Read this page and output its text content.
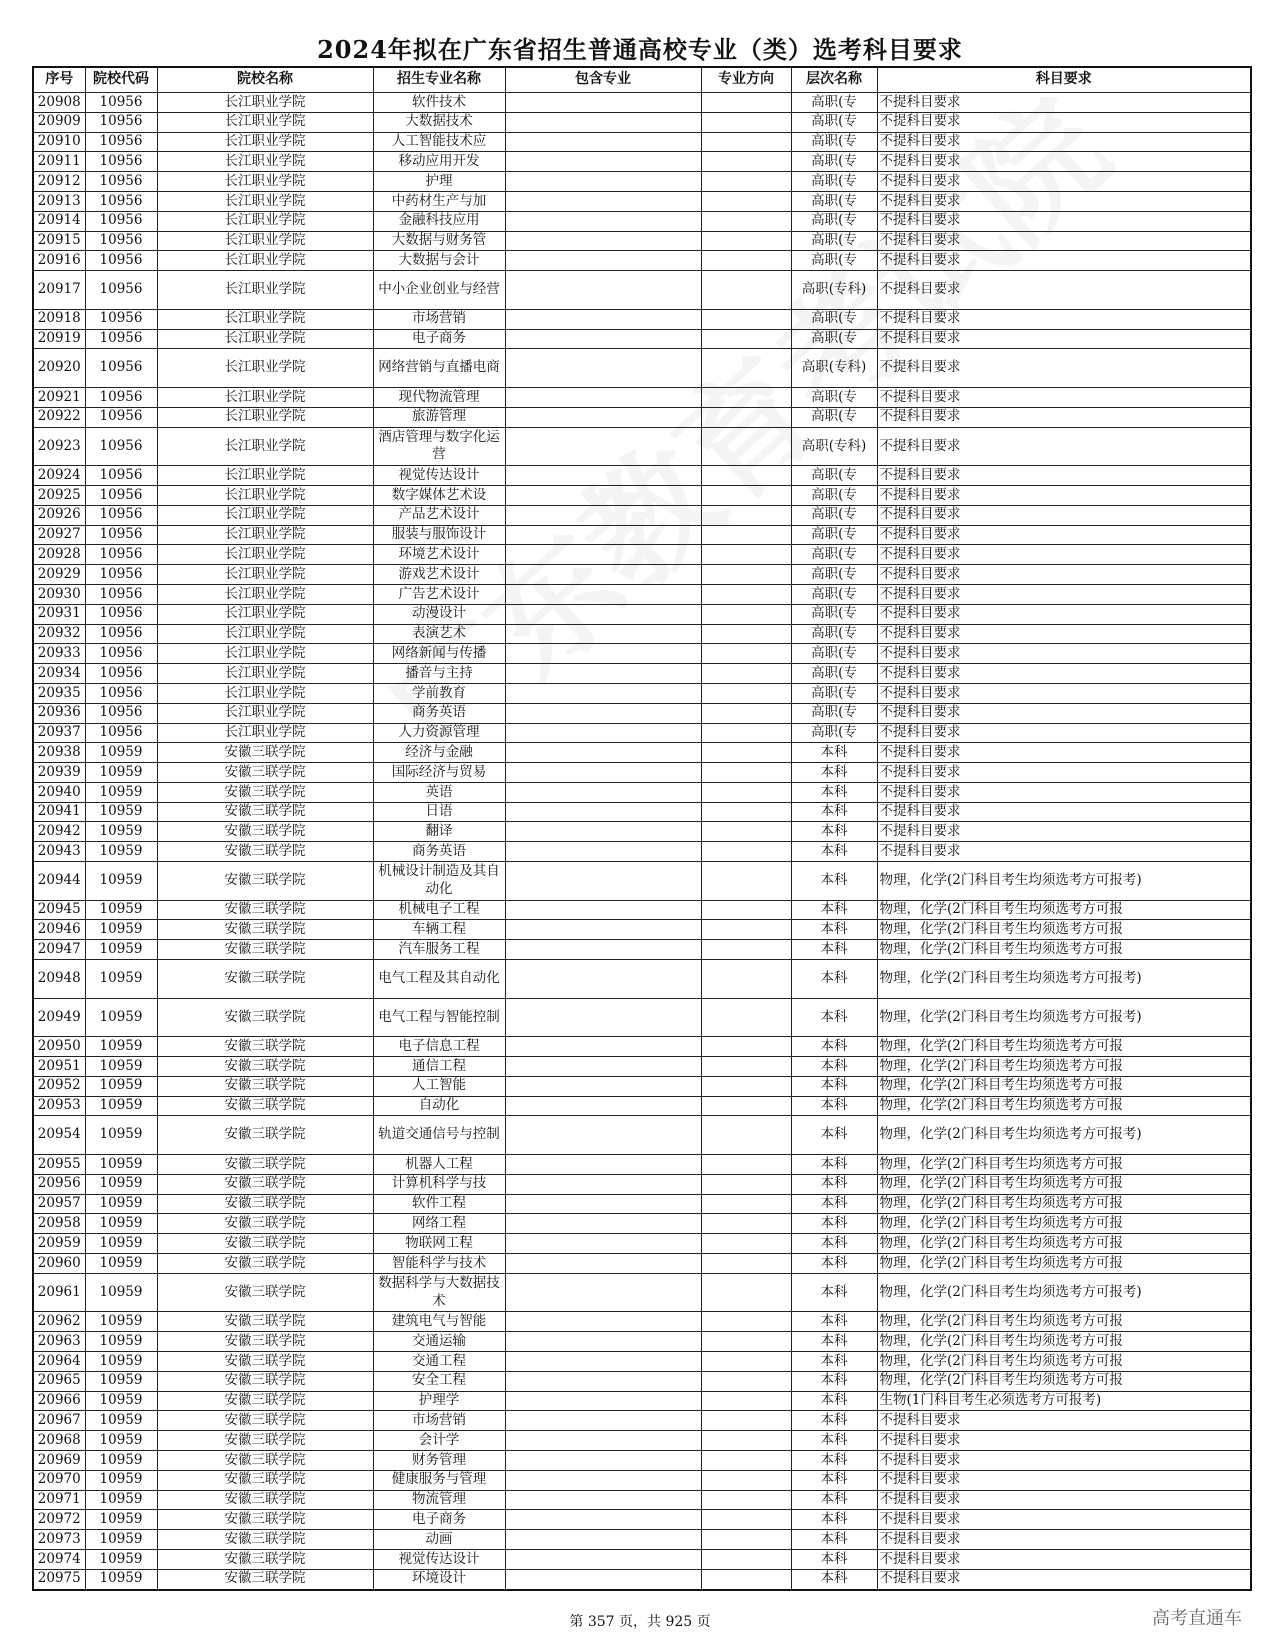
2024年拟在广东省招生普通高校专业（类）选考科目要求
序号	院校代码	院校名称	招生专业名称	包含专业	专业方向	层次名称	科目要求
20908	10956	长江职业学院	软件技术			高职(专	不提科目要求
20909	10956	长江职业学院	大数据技术			高职(专	不提科目要求
20910	10956	长江职业学院	人工智能技术应			高职(专	不提科目要求
20911	10956	长江职业学院	移动应用开发			高职(专	不提科目要求
20912	10956	长江职业学院	护理			高职(专	不提科目要求
20913	10956	长江职业学院	中药材生产与加			高职(专	不提科目要求
20914	10956	长江职业学院	金融科技应用			高职(专	不提科目要求
20915	10956	长江职业学院	大数据与财务管			高职(专	不提科目要求
20916	10956	长江职业学院	大数据与会计			高职(专	不提科目要求
20917	10956	长江职业学院	中小企业创业与经营			高职(专科)	不提科目要求
20918	10956	长江职业学院	市场营销			高职(专	不提科目要求
20919	10956	长江职业学院	电子商务			高职(专	不提科目要求
20920	10956	长江职业学院	网络营销与直播电商			高职(专科)	不提科目要求
20921	10956	长江职业学院	现代物流管理			高职(专	不提科目要求
20922	10956	长江职业学院	旅游管理			高职(专	不提科目要求
20923	10956	长江职业学院	酒店管理与数字化运营			高职(专科)	不提科目要求
20924	10956	长江职业学院	视觉传达设计			高职(专	不提科目要求
20925	10956	长江职业学院	数字媒体艺术设			高职(专	不提科目要求
20926	10956	长江职业学院	产品艺术设计			高职(专	不提科目要求
20927	10956	长江职业学院	服装与服饰设计			高职(专	不提科目要求
20928	10956	长江职业学院	环境艺术设计			高职(专	不提科目要求
20929	10956	长江职业学院	游戏艺术设计			高职(专	不提科目要求
20930	10956	长江职业学院	广告艺术设计			高职(专	不提科目要求
20931	10956	长江职业学院	动漫设计			高职(专	不提科目要求
20932	10956	长江职业学院	表演艺术			高职(专	不提科目要求
20933	10956	长江职业学院	网络新闻与传播			高职(专	不提科目要求
20934	10956	长江职业学院	播音与主持			高职(专	不提科目要求
20935	10956	长江职业学院	学前教育			高职(专	不提科目要求
20936	10956	长江职业学院	商务英语			高职(专	不提科目要求
20937	10956	长江职业学院	人力资源管理			高职(专	不提科目要求
20938	10959	安徽三联学院	经济与金融			本科	不提科目要求
20939	10959	安徽三联学院	国际经济与贸易			本科	不提科目要求
20940	10959	安徽三联学院	英语			本科	不提科目要求
20941	10959	安徽三联学院	日语			本科	不提科目要求
20942	10959	安徽三联学院	翻译			本科	不提科目要求
20943	10959	安徽三联学院	商务英语			本科	不提科目要求
20944	10959	安徽三联学院	机械设计制造及其自动化			本科	物理，化学(2门科目考生均须选考方可报考)
20945	10959	安徽三联学院	机械电子工程			本科	物理，化学(2门科目考生均须选考方可报
20946	10959	安徽三联学院	车辆工程			本科	物理，化学(2门科目考生均须选考方可报
20947	10959	安徽三联学院	汽车服务工程			本科	物理，化学(2门科目考生均须选考方可报
20948	10959	安徽三联学院	电气工程及其自动化			本科	物理，化学(2门科目考生均须选考方可报考)
20949	10959	安徽三联学院	电气工程与智能控制			本科	物理，化学(2门科目考生均须选考方可报考)
20950	10959	安徽三联学院	电子信息工程			本科	物理，化学(2门科目考生均须选考方可报
20951	10959	安徽三联学院	通信工程			本科	物理，化学(2门科目考生均须选考方可报
20952	10959	安徽三联学院	人工智能			本科	物理，化学(2门科目考生均须选考方可报
20953	10959	安徽三联学院	自动化			本科	物理，化学(2门科目考生均须选考方可报
20954	10959	安徽三联学院	轨道交通信号与控制			本科	物理，化学(2门科目考生均须选考方可报考)
20955	10959	安徽三联学院	机器人工程			本科	物理，化学(2门科目考生均须选考方可报
20956	10959	安徽三联学院	计算机科学与技			本科	物理，化学(2门科目考生均须选考方可报
20957	10959	安徽三联学院	软件工程			本科	物理，化学(2门科目考生均须选考方可报
20958	10959	安徽三联学院	网络工程			本科	物理，化学(2门科目考生均须选考方可报
20959	10959	安徽三联学院	物联网工程			本科	物理，化学(2门科目考生均须选考方可报
20960	10959	安徽三联学院	智能科学与技术			本科	物理，化学(2门科目考生均须选考方可报
20961	10959	安徽三联学院	数据科学与大数据技术			本科	物理，化学(2门科目考生均须选考方可报考)
20962	10959	安徽三联学院	建筑电气与智能			本科	物理，化学(2门科目考生均须选考方可报
20963	10959	安徽三联学院	交通运输			本科	物理，化学(2门科目考生均须选考方可报
20964	10959	安徽三联学院	交通工程			本科	物理，化学(2门科目考生均须选考方可报
20965	10959	安徽三联学院	安全工程			本科	物理，化学(2门科目考生均须选考方可报
20966	10959	安徽三联学院	护理学			本科	生物(1门科目考生必须选考方可报考)
20967	10959	安徽三联学院	市场营销			本科	不提科目要求
20968	10959	安徽三联学院	会计学			本科	不提科目要求
20969	10959	安徽三联学院	财务管理			本科	不提科目要求
20970	10959	安徽三联学院	健康服务与管理			本科	不提科目要求
20971	10959	安徽三联学院	物流管理			本科	不提科目要求
20972	10959	安徽三联学院	电子商务			本科	不提科目要求
20973	10959	安徽三联学院	动画			本科	不提科目要求
20974	10959	安徽三联学院	视觉传达设计			本科	不提科目要求
20975	10959	安徽三联学院	环境设计			本科	不提科目要求
第 357 页，共 925 页	高考直通车
